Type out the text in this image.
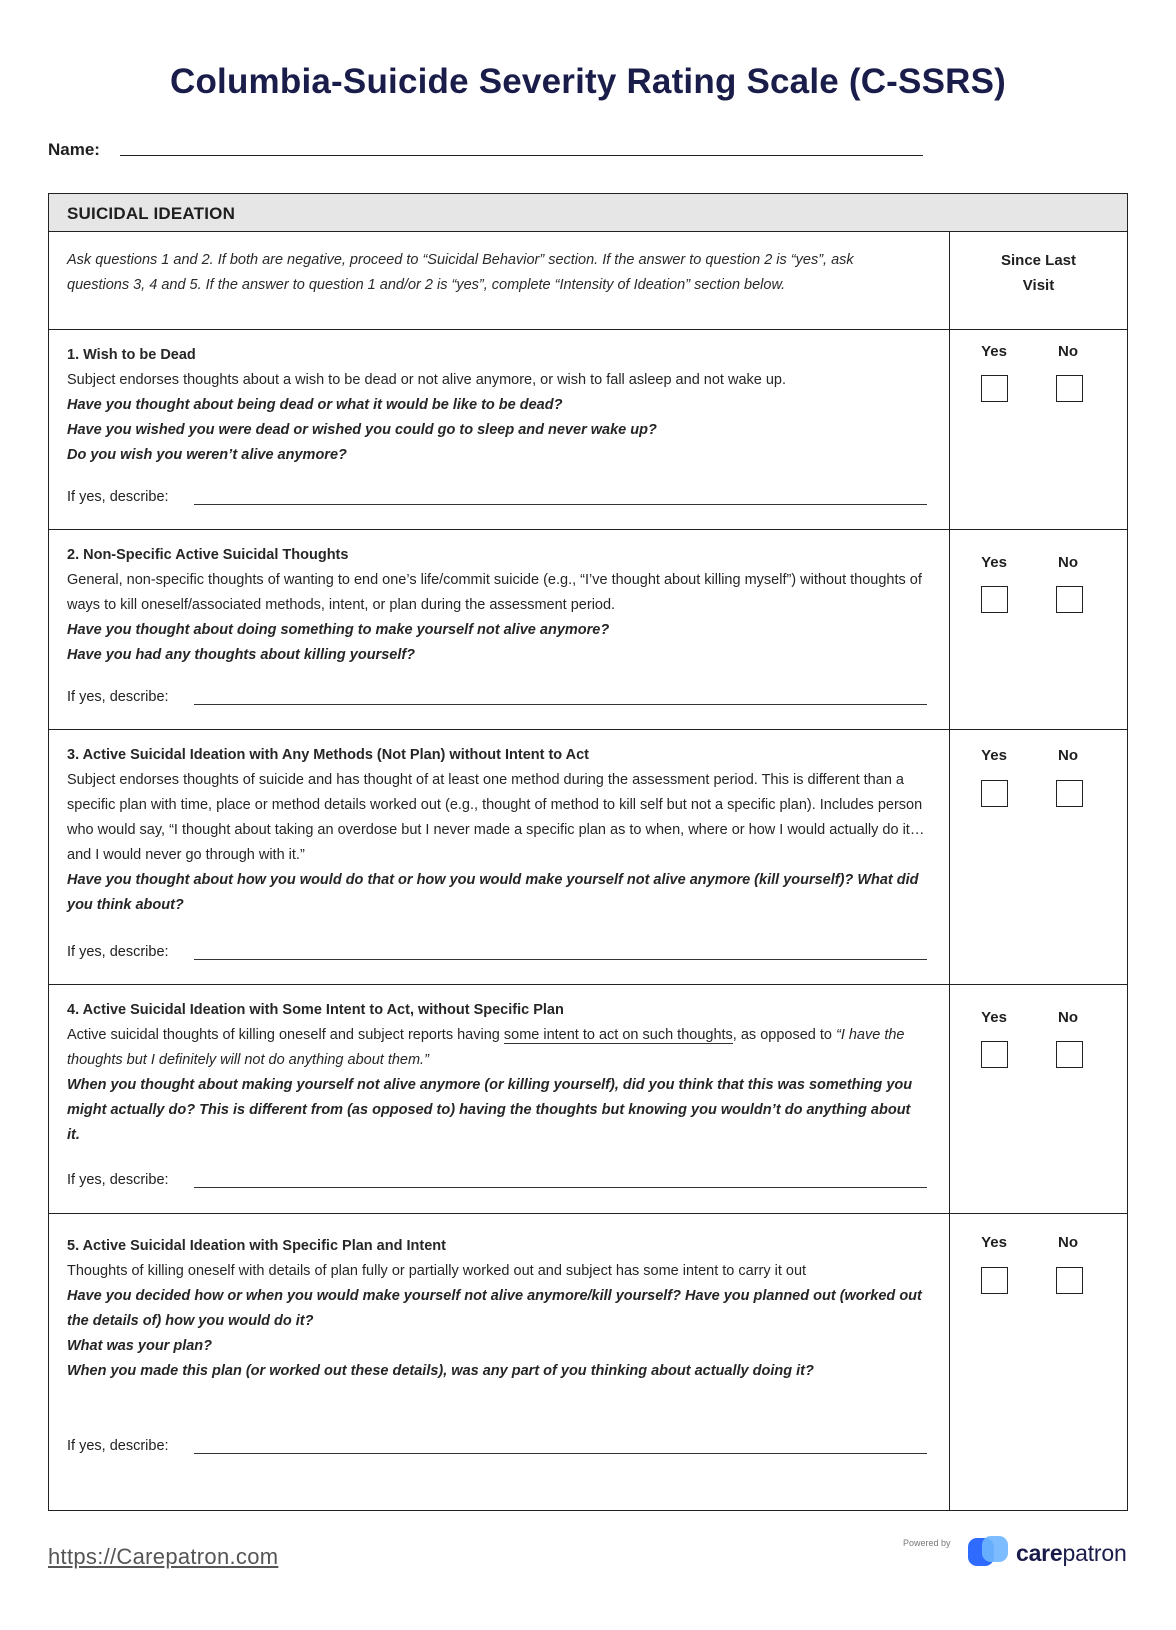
Columbia-Suicide Severity Rating Scale (C-SSRS)
Name:
SUICIDAL IDEATION
Ask questions 1 and 2. If both are negative, proceed to “Suicidal Behavior” section. If the answer to question 2 is “yes”, ask questions 3, 4 and 5. If the answer to question 1 and/or 2 is “yes”, complete “Intensity of Ideation” section below.
Since Last Visit
1. Wish to be Dead
Subject endorses thoughts about a wish to be dead or not alive anymore, or wish to fall asleep and not wake up.
Have you thought about being dead or what it would be like to be dead?
Have you wished you were dead or wished you could go to sleep and never wake up?
Do you wish you weren’t alive anymore?
If yes, describe:
Yes	No
2. Non-Specific Active Suicidal Thoughts
General, non-specific thoughts of wanting to end one’s life/commit suicide (e.g., “I’ve thought about killing myself”) without thoughts of ways to kill oneself/associated methods, intent, or plan during the assessment period.
Have you thought about doing something to make yourself not alive anymore?
Have you had any thoughts about killing yourself?
If yes, describe:
Yes	No
3. Active Suicidal Ideation with Any Methods (Not Plan) without Intent to Act
Subject endorses thoughts of suicide and has thought of at least one method during the assessment period. This is different than a specific plan with time, place or method details worked out (e.g., thought of method to kill self but not a specific plan). Includes person who would say, “I thought about taking an overdose but I never made a specific plan as to when, where or how I would actually do it…and I would never go through with it.”
Have you thought about how you would do that or how you would make yourself not alive anymore (kill yourself)? What did you think about?
If yes, describe:
Yes	No
4. Active Suicidal Ideation with Some Intent to Act, without Specific Plan
Active suicidal thoughts of killing oneself and subject reports having some intent to act on such thoughts, as opposed to “I have the thoughts but I definitely will not do anything about them.”
When you thought about making yourself not alive anymore (or killing yourself), did you think that this was something you might actually do? This is different from (as opposed to) having the thoughts but knowing you wouldn’t do anything about it.
If yes, describe:
Yes	No
5. Active Suicidal Ideation with Specific Plan and Intent
Thoughts of killing oneself with details of plan fully or partially worked out and subject has some intent to carry it out
Have you decided how or when you would make yourself not alive anymore/kill yourself? Have you planned out (worked out the details of) how you would do it?
What was your plan?
When you made this plan (or worked out these details), was any part of you thinking about actually doing it?
If yes, describe:
Yes	No
https://Carepatron.com
Powered by	carepatron
